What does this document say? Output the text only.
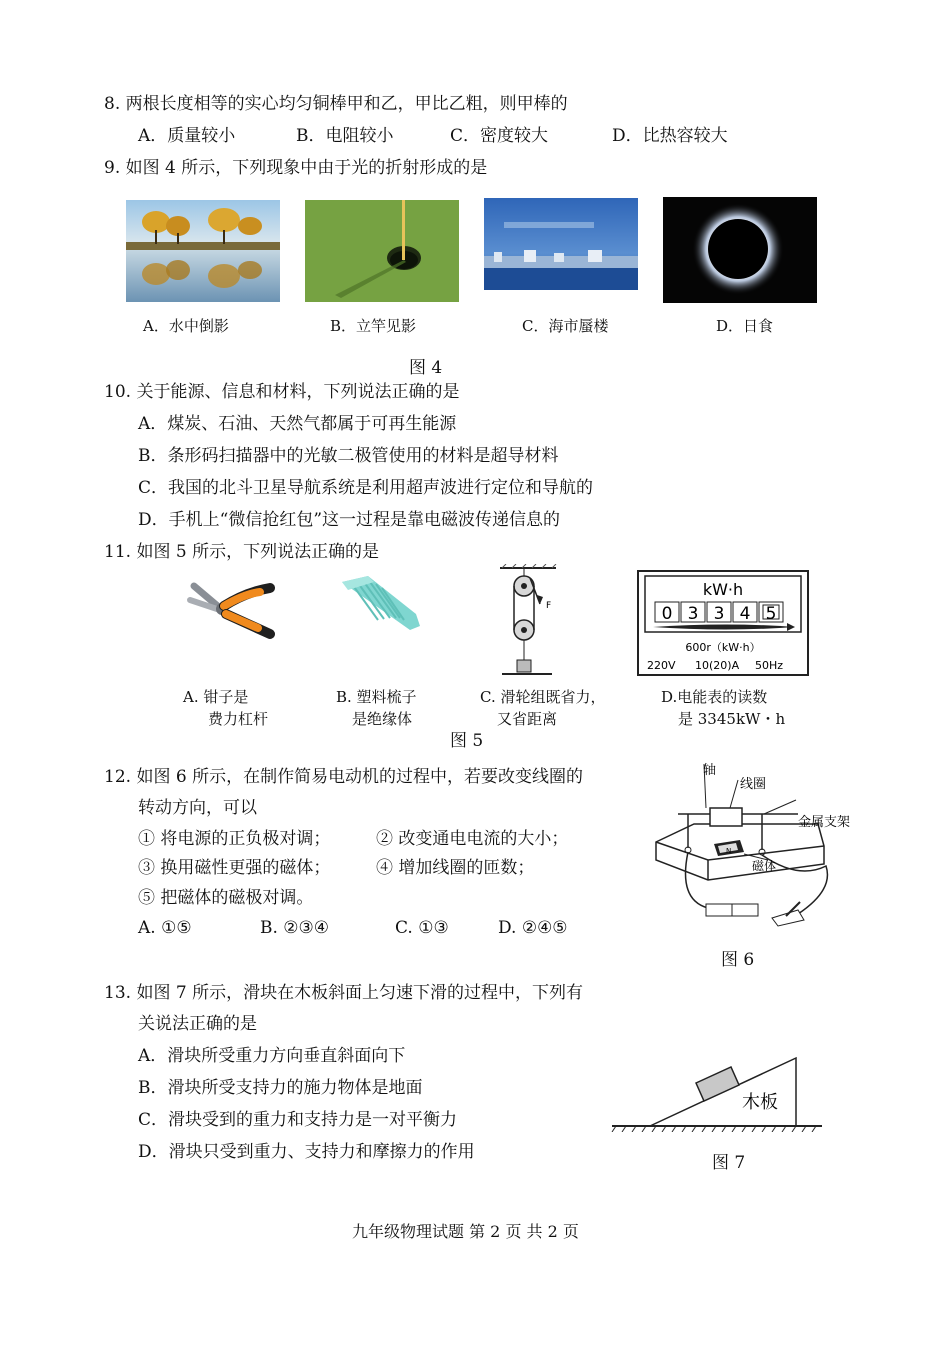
8. 两根长度相等的实心均匀铜棒甲和乙，甲比乙粗，则甲棒的
A．质量较小	B．电阻较小	C．密度较大	D．比热容较大
9. 如图 4 所示，下列现象中由于光的折射形成的是
A．水中倒影	B．立竿见影	C．海市蜃楼	D．日食
图 4
10. 关于能源、信息和材料，下列说法正确的是
A．煤炭、石油、天然气都属于可再生能源
B．条形码扫描器中的光敏二极管使用的材料是超导材料
C．我国的北斗卫星导航系统是利用超声波进行定位和导航的
D．手机上“微信抢红包”这一过程是靠电磁波传递信息的
11. 如图 5 所示，下列说法正确的是
F
kW·h
0 3 3 4 5
600r（kW·h）
220V 10(20)A 50Hz
A. 钳子是
费力杠杆
B. 塑料梳子
是绝缘体
C. 滑轮组既省力，
又省距离
D.电能表的读数
是 3345kW・h
图 5
12. 如图 6 所示，在制作简易电动机的过程中，若要改变线圈的
转动方向，可以
① 将电源的正负极对调；	② 改变通电电流的大小；
③ 换用磁性更强的磁体；	④ 增加线圈的匝数；
⑤ 把磁体的磁极对调。
A. ①⑤	B. ②③④	C. ①③	D. ②④⑤
轴
线圈
金属支架
磁体
N
图 6
13. 如图 7 所示，滑块在木板斜面上匀速下滑的过程中，下列有
关说法正确的是
A．滑块所受重力方向垂直斜面向下
B．滑块所受支持力的施力物体是地面
C．滑块受到的重力和支持力是一对平衡力
D．滑块只受到重力、支持力和摩擦力的作用
木板
图 7
九年级物理试题 第 2 页 共 2 页
